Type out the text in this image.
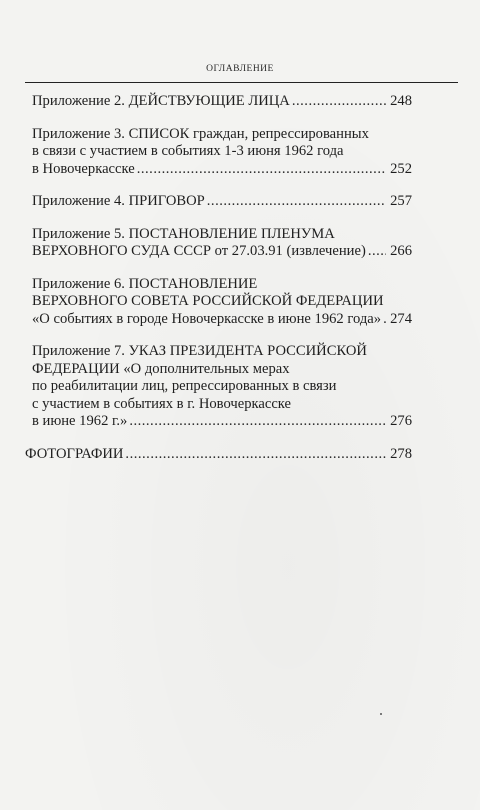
ОГЛАВЛЕНИЕ
Приложение 2. ДЕЙСТВУЮЩИЕ ЛИЦА .....	248
Приложение 3. СПИСОК граждан, репрессированных
в связи с участием в событиях 1-3 июня 1962 года
в Новочеркасске .....	252
Приложение 4. ПРИГОВОР .....	257
Приложение 5. ПОСТАНОВЛЕНИЕ ПЛЕНУМА
ВЕРХОВНОГО СУДА СССР от 27.03.91 (извлечение) ..... 266
Приложение 6. ПОСТАНОВЛЕНИЕ
ВЕРХОВНОГО СОВЕТА РОССИЙСКОЙ ФЕДЕРАЦИИ
«О событиях в городе Новочеркасске в июне 1962 года» ..... 274
Приложение 7. УКАЗ ПРЕЗИДЕНТА РОССИЙСКОЙ
ФЕДЕРАЦИИ «О дополнительных мерах
по реабилитации лиц, репрессированных в связи
с участием в событиях в г. Новочеркасске
в июне 1962 г.» .....	276
ФОТОГРАФИИ .....	278
